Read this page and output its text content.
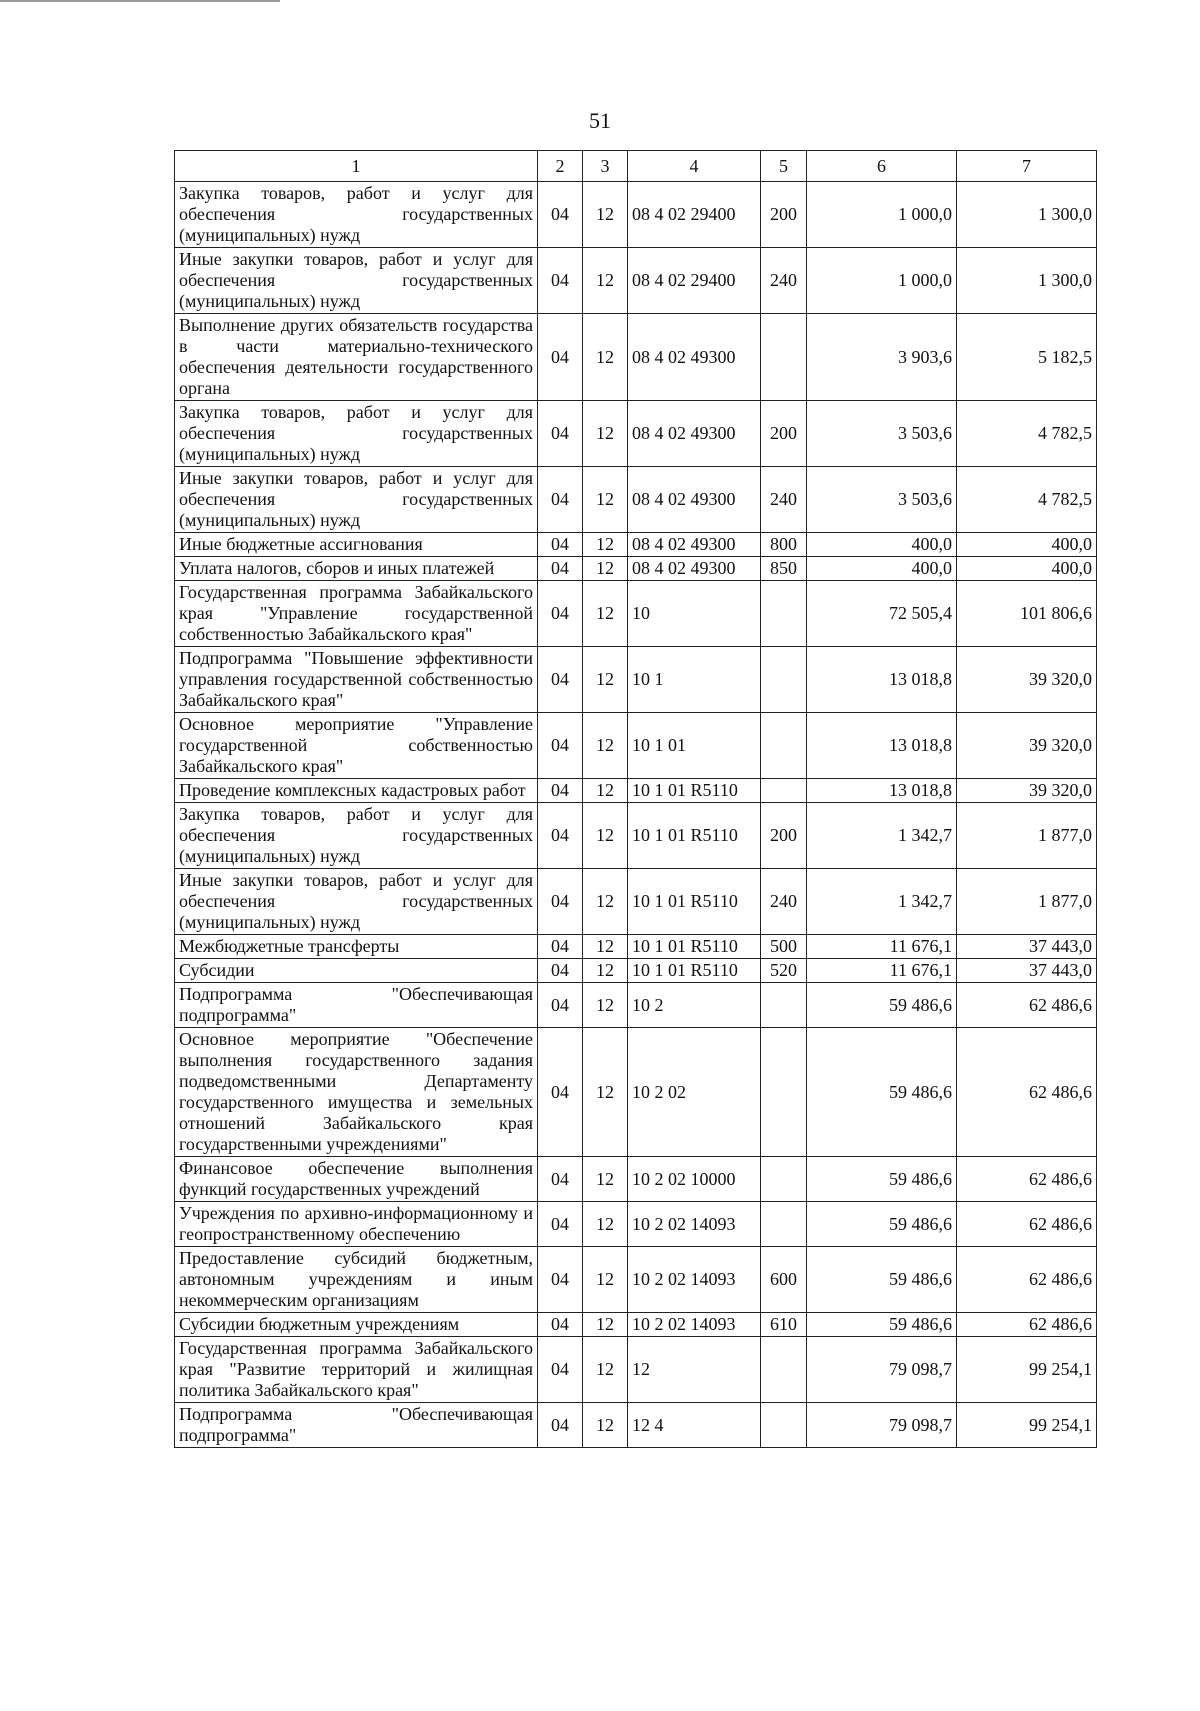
51
1	2	3	4	5	6	7
Закупка товаров, работ и услуг для обеспечения государственных (муниципальных) нужд	04	12	08 4 02 29400	200	1 000,0	1 300,0
Иные закупки товаров, работ и услуг для обеспечения государственных (муниципальных) нужд	04	12	08 4 02 29400	240	1 000,0	1 300,0
Выполнение других обязательств государства в части материально-технического обеспечения деятельности государственного органа	04	12	08 4 02 49300		3 903,6	5 182,5
Закупка товаров, работ и услуг для обеспечения государственных (муниципальных) нужд	04	12	08 4 02 49300	200	3 503,6	4 782,5
Иные закупки товаров, работ и услуг для обеспечения государственных (муниципальных) нужд	04	12	08 4 02 49300	240	3 503,6	4 782,5
Иные бюджетные ассигнования	04	12	08 4 02 49300	800	400,0	400,0
Уплата налогов, сборов и иных платежей	04	12	08 4 02 49300	850	400,0	400,0
Государственная программа Забайкальского края "Управление государственной собственностью Забайкальского края"	04	12	10		72 505,4	101 806,6
Подпрограмма "Повышение эффективности управления государственной собственностью Забайкальского края"	04	12	10 1		13 018,8	39 320,0
Основное мероприятие "Управление государственной собственностью Забайкальского края"	04	12	10 1 01		13 018,8	39 320,0
Проведение комплексных кадастровых работ	04	12	10 1 01 R5110		13 018,8	39 320,0
Закупка товаров, работ и услуг для обеспечения государственных (муниципальных) нужд	04	12	10 1 01 R5110	200	1 342,7	1 877,0
Иные закупки товаров, работ и услуг для обеспечения государственных (муниципальных) нужд	04	12	10 1 01 R5110	240	1 342,7	1 877,0
Межбюджетные трансферты	04	12	10 1 01 R5110	500	11 676,1	37 443,0
Субсидии	04	12	10 1 01 R5110	520	11 676,1	37 443,0
Подпрограмма "Обеспечивающая подпрограмма"	04	12	10 2		59 486,6	62 486,6
Основное мероприятие "Обеспечение выполнения государственного задания подведомственными Департаменту государственного имущества и земельных отношений Забайкальского края государственными учреждениями"	04	12	10 2 02		59 486,6	62 486,6
Финансовое обеспечение выполнения функций государственных учреждений	04	12	10 2 02 10000		59 486,6	62 486,6
Учреждения по архивно-информационному и геопространственному обеспечению	04	12	10 2 02 14093		59 486,6	62 486,6
Предоставление субсидий бюджетным, автономным учреждениям и иным некоммерческим организациям	04	12	10 2 02 14093	600	59 486,6	62 486,6
Субсидии бюджетным учреждениям	04	12	10 2 02 14093	610	59 486,6	62 486,6
Государственная программа Забайкальского края "Развитие территорий и жилищная политика Забайкальского края"	04	12	12		79 098,7	99 254,1
Подпрограмма "Обеспечивающая подпрограмма"	04	12	12 4		79 098,7	99 254,1
